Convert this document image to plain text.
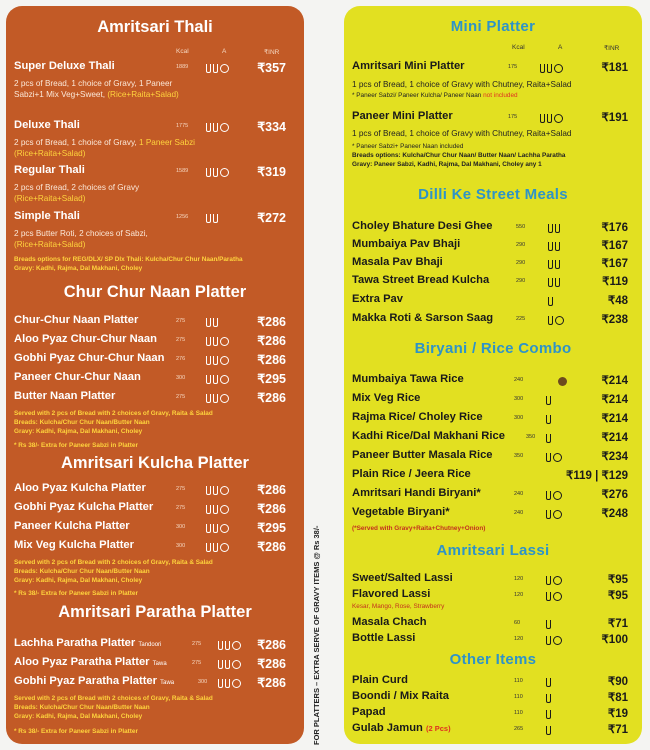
Amritsari Thali
Kcal	A	₹INR
Super Deluxe Thali	1889	₹357
2 pcs of Bread, 1 choice of Gravy, 1 Paneer Sabzi+1 Mix Veg+Sweet, (Rice+Raita+Salad)
Deluxe Thali	1775	₹334
2 pcs of Bread, 1 choice of Gravy, 1 Paneer Sabzi (Rice+Raita+Salad)
Regular Thali	1589	₹319
2 pcs of Bread, 2 choices of Gravy (Rice+Raita+Salad)
Simple Thali	1256	₹272
2 pcs Butter Roti, 2 choices of Sabzi, (Rice+Raita+Salad)
Breads options for REG/DLX/ SP Dlx Thali: Kulcha/Chur Chur Naan/Paratha
Gravy: Kadhi, Rajma, Dal Makhani, Choley
Chur Chur Naan Platter
Chur-Chur Naan Platter	275	₹286
Aloo Pyaz Chur-Chur Naan	275	₹286
Gobhi Pyaz Chur-Chur Naan 276	₹286
Paneer Chur-Chur Naan	300	₹295
Butter Naan Platter	275	₹286
Served with 2 pcs of Bread with 2 choices of Gravy, Raita & Salad
Breads: Kulcha/Chur Chur Naan/Butter Naan
Gravy: Kadhi, Rajma, Dal Makhani, Choley
* Rs 38/- Extra for Paneer Sabzi in Platter
Amritsari Kulcha Platter
Aloo Pyaz Kulcha Platter	275	₹286
Gobhi Pyaz Kulcha Platter	275	₹286
Paneer Kulcha Platter	300	₹295
Mix Veg Kulcha Platter	300	₹286
Served with 2 pcs of Bread with 2 choices of Gravy, Raita & Salad
Breads: Kulcha/Chur Chur Naan/Butter Naan
Gravy: Kadhi, Rajma, Dal Makhani, Choley
* Rs 38/- Extra for Paneer Sabzi in Platter
Amritsari Paratha Platter
Lachha Paratha Platter Tandoori	275	₹286
Aloo Pyaz Paratha Platter Tawa	275	₹286
Gobhi Pyaz Paratha Platter Tawa	300	₹286
Served with 2 pcs of Bread with 2 choices of Gravy, Raita & Salad
Breads: Kulcha/Chur Chur Naan/Butter Naan
Gravy: Kadhi, Rajma, Dal Makhani, Choley
* Rs 38/- Extra for Paneer Sabzi in Platter	FOR PLATTERS – EXTRA SERVE OF GRAVY ITEMS @ Rs 38/-
Mini Platter
Kcal	A	₹INR
Amritsari Mini Platter	175	₹181
1 pcs of Bread, 1 choice of Gravy with Chutney, Raita+Salad
* Paneer Sabzi/ Paneer Kulcha/ Paneer Naan not included
Paneer Mini Platter	175	₹191
1 pcs of Bread, 1 choice of Gravy with Chutney, Raita+Salad
* Paneer Sabzi+ Paneer Naan included
Breads options: Kulcha/Chur Chur Naan/ Butter Naan/ Lachha Paratha
Gravy: Paneer Sabzi, Kadhi, Rajma, Dal Makhani, Choley any 1
Dilli Ke Street Meals
Choley Bhature Desi Ghee	550	₹176
Mumbaiya Pav Bhaji	290	₹167
Masala Pav Bhaji	290	₹167
Tawa Street Bread Kulcha	290	₹119
Extra Pav	₹48
Makka Roti & Sarson Saag	225	₹238
Biryani / Rice Combo
Mumbaiya Tawa Rice	240	₹214
Mix Veg Rice	300	₹214
Rajma Rice/ Choley Rice	300	₹214
Kadhi Rice/Dal Makhani Rice	350	₹214
Paneer Butter Masala Rice	350	₹234
Plain Rice / Jeera Rice	₹119 | ₹129
Amritsari Handi Biryani*	240	₹276
Vegetable Biryani*	240	₹248
(*Served with Gravy+Raita+Chutney+Onion)
Amritsari Lassi
Sweet/Salted Lassi	120	₹95
Flavored Lassi	120	₹95
Kesar, Mango, Rose, Strawberry
Masala Chach	60	₹71
Bottle Lassi	120	₹100
Other Items
Plain Curd	110	₹90
Boondi / Mix Raita	110	₹81
Papad	110	₹19
Gulab Jamun (2 Pcs)	265	₹71
